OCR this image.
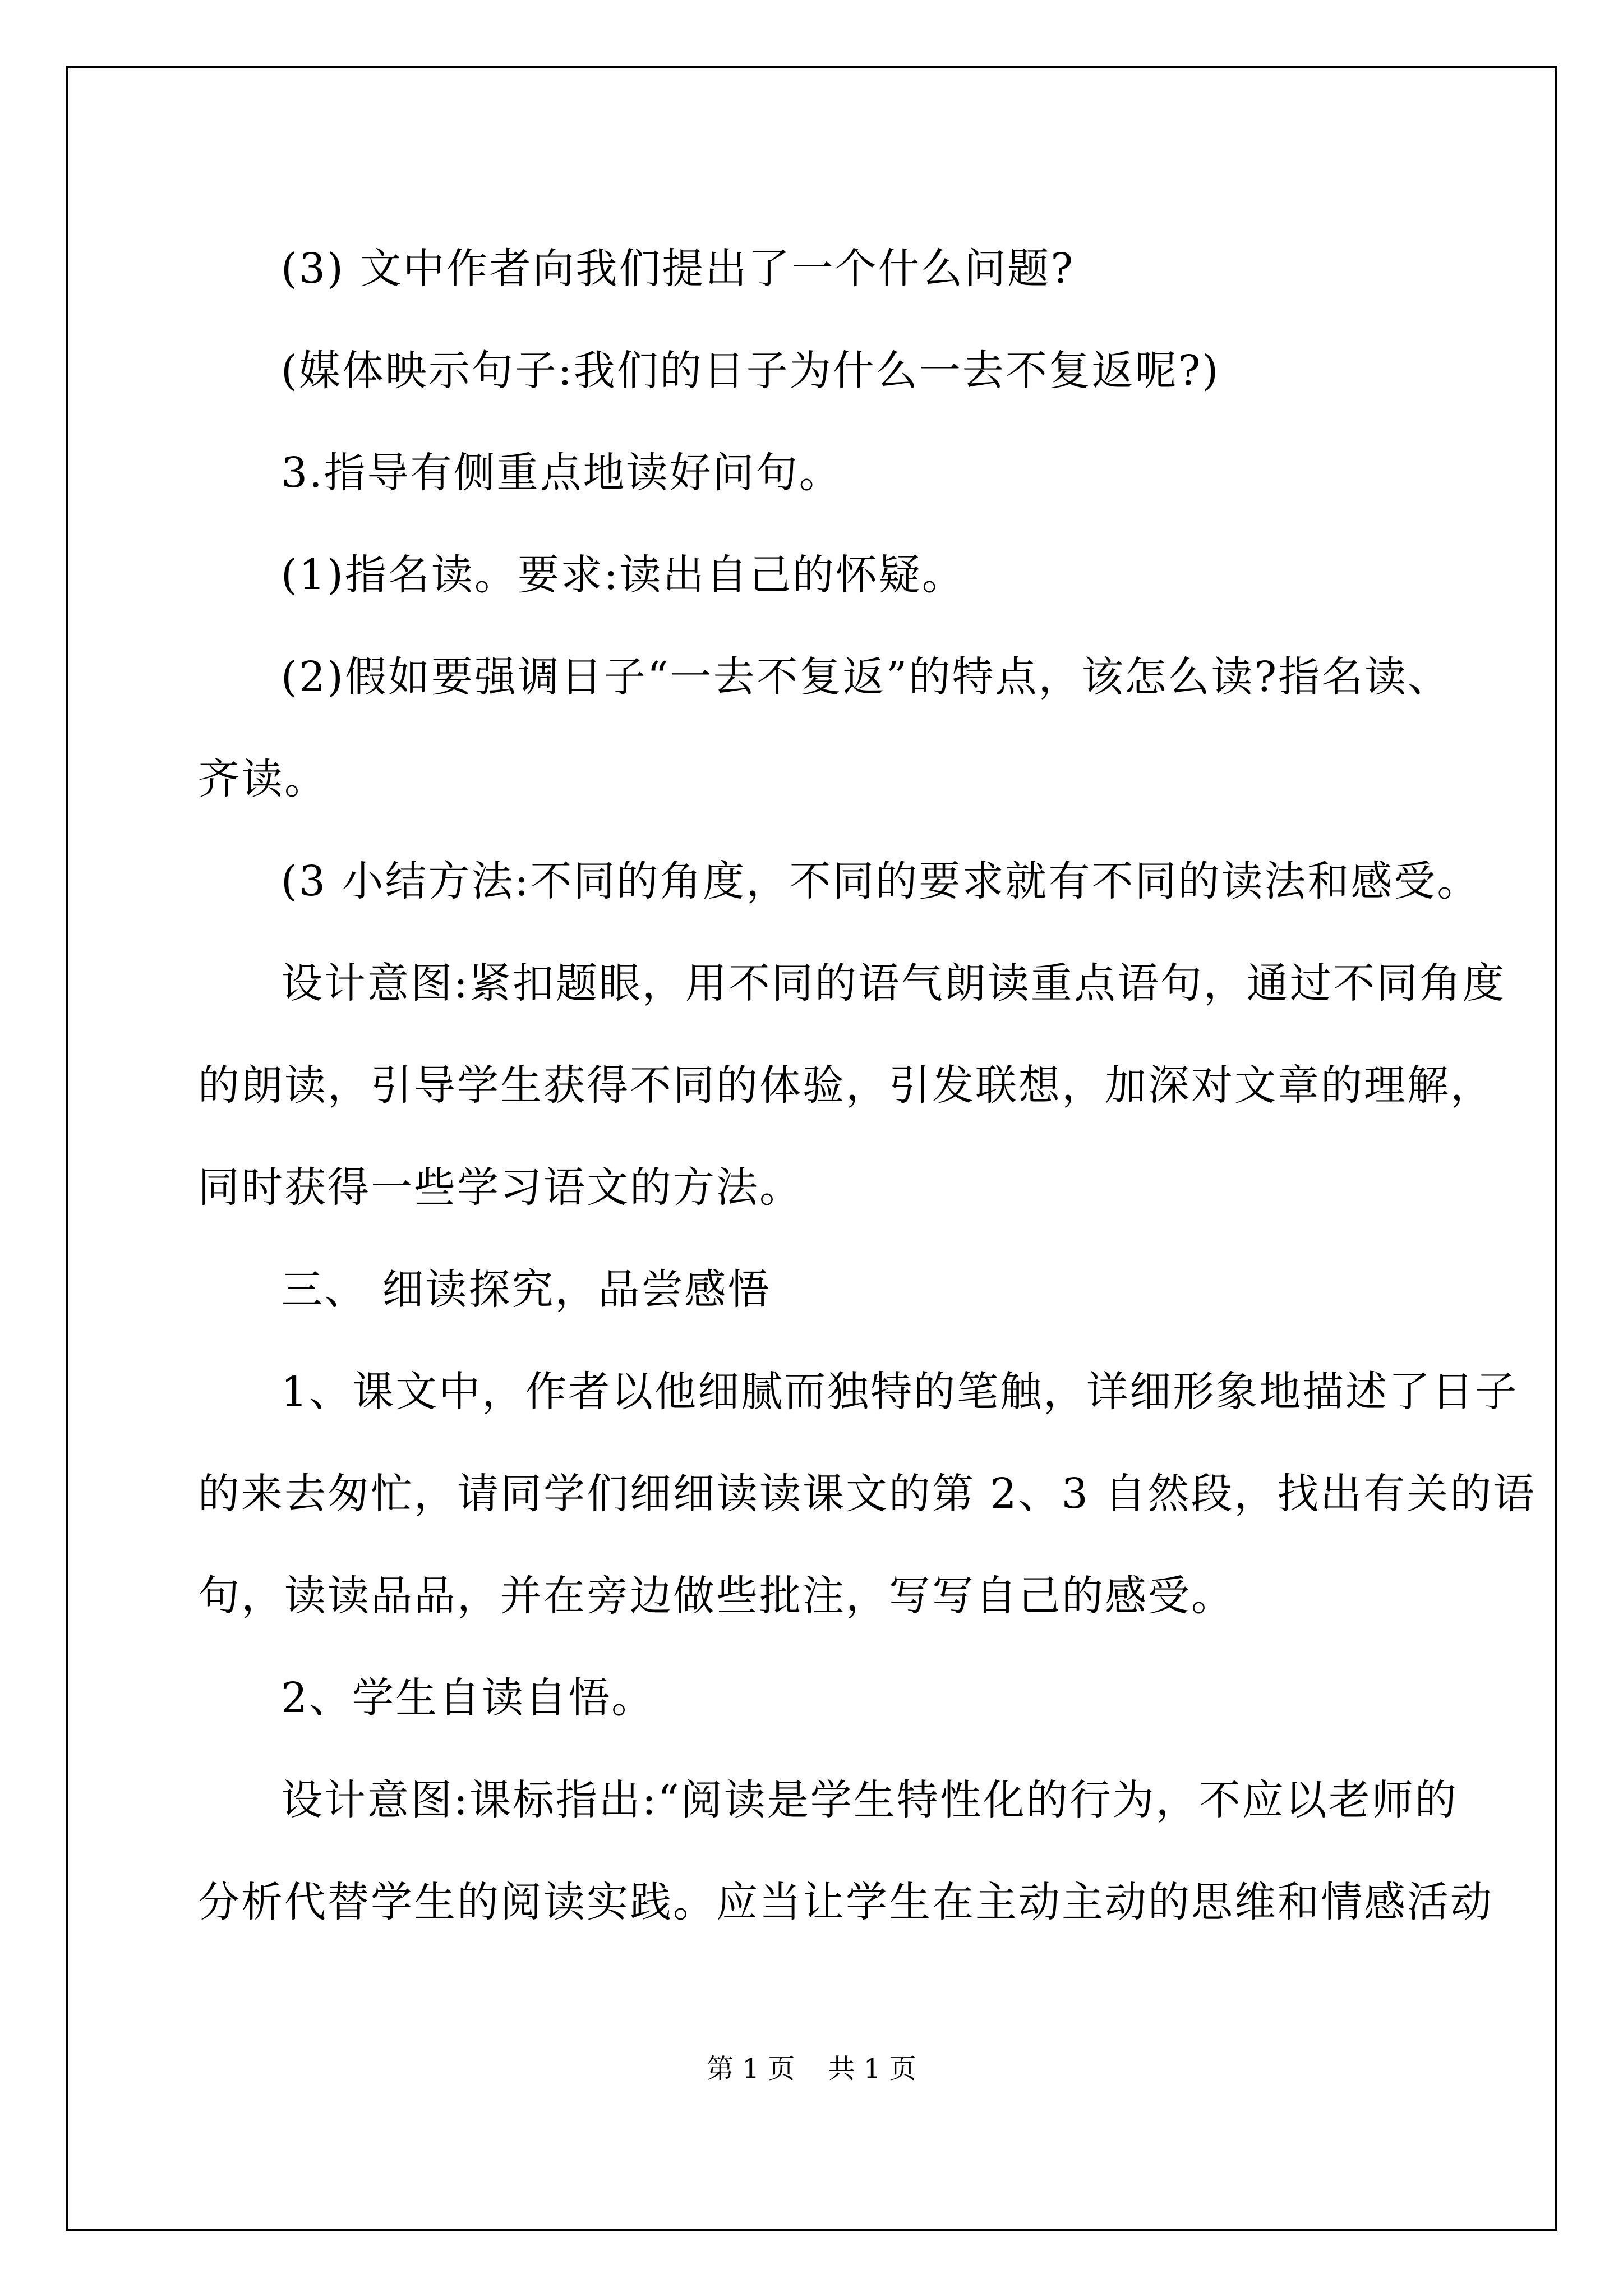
(3) 文中作者向我们提出了一个什么问题?
(媒体映示句子:我们的日子为什么一去不复返呢?)
3.指导有侧重点地读好问句。
(1)指名读。要求:读出自己的怀疑。
(2)假如要强调日子“一去不复返”的特点，该怎么读?指名读、
齐读。
(3 小结方法:不同的角度，不同的要求就有不同的读法和感受。
设计意图:紧扣题眼，用不同的语气朗读重点语句，通过不同角度
的朗读，引导学生获得不同的体验，引发联想，加深对文章的理解，
同时获得一些学习语文的方法。
三、 细读探究，品尝感悟
1、课文中，作者以他细腻而独特的笔触，详细形象地描述了日子
的来去匆忙，请同学们细细读读课文的第 2、3 自然段，找出有关的语
句，读读品品，并在旁边做些批注，写写自己的感受。
2、学生自读自悟。
设计意图:课标指出:“阅读是学生特性化的行为，不应以老师的
分析代替学生的阅读实践。应当让学生在主动主动的思维和情感活动
第 1 页 共 1 页
